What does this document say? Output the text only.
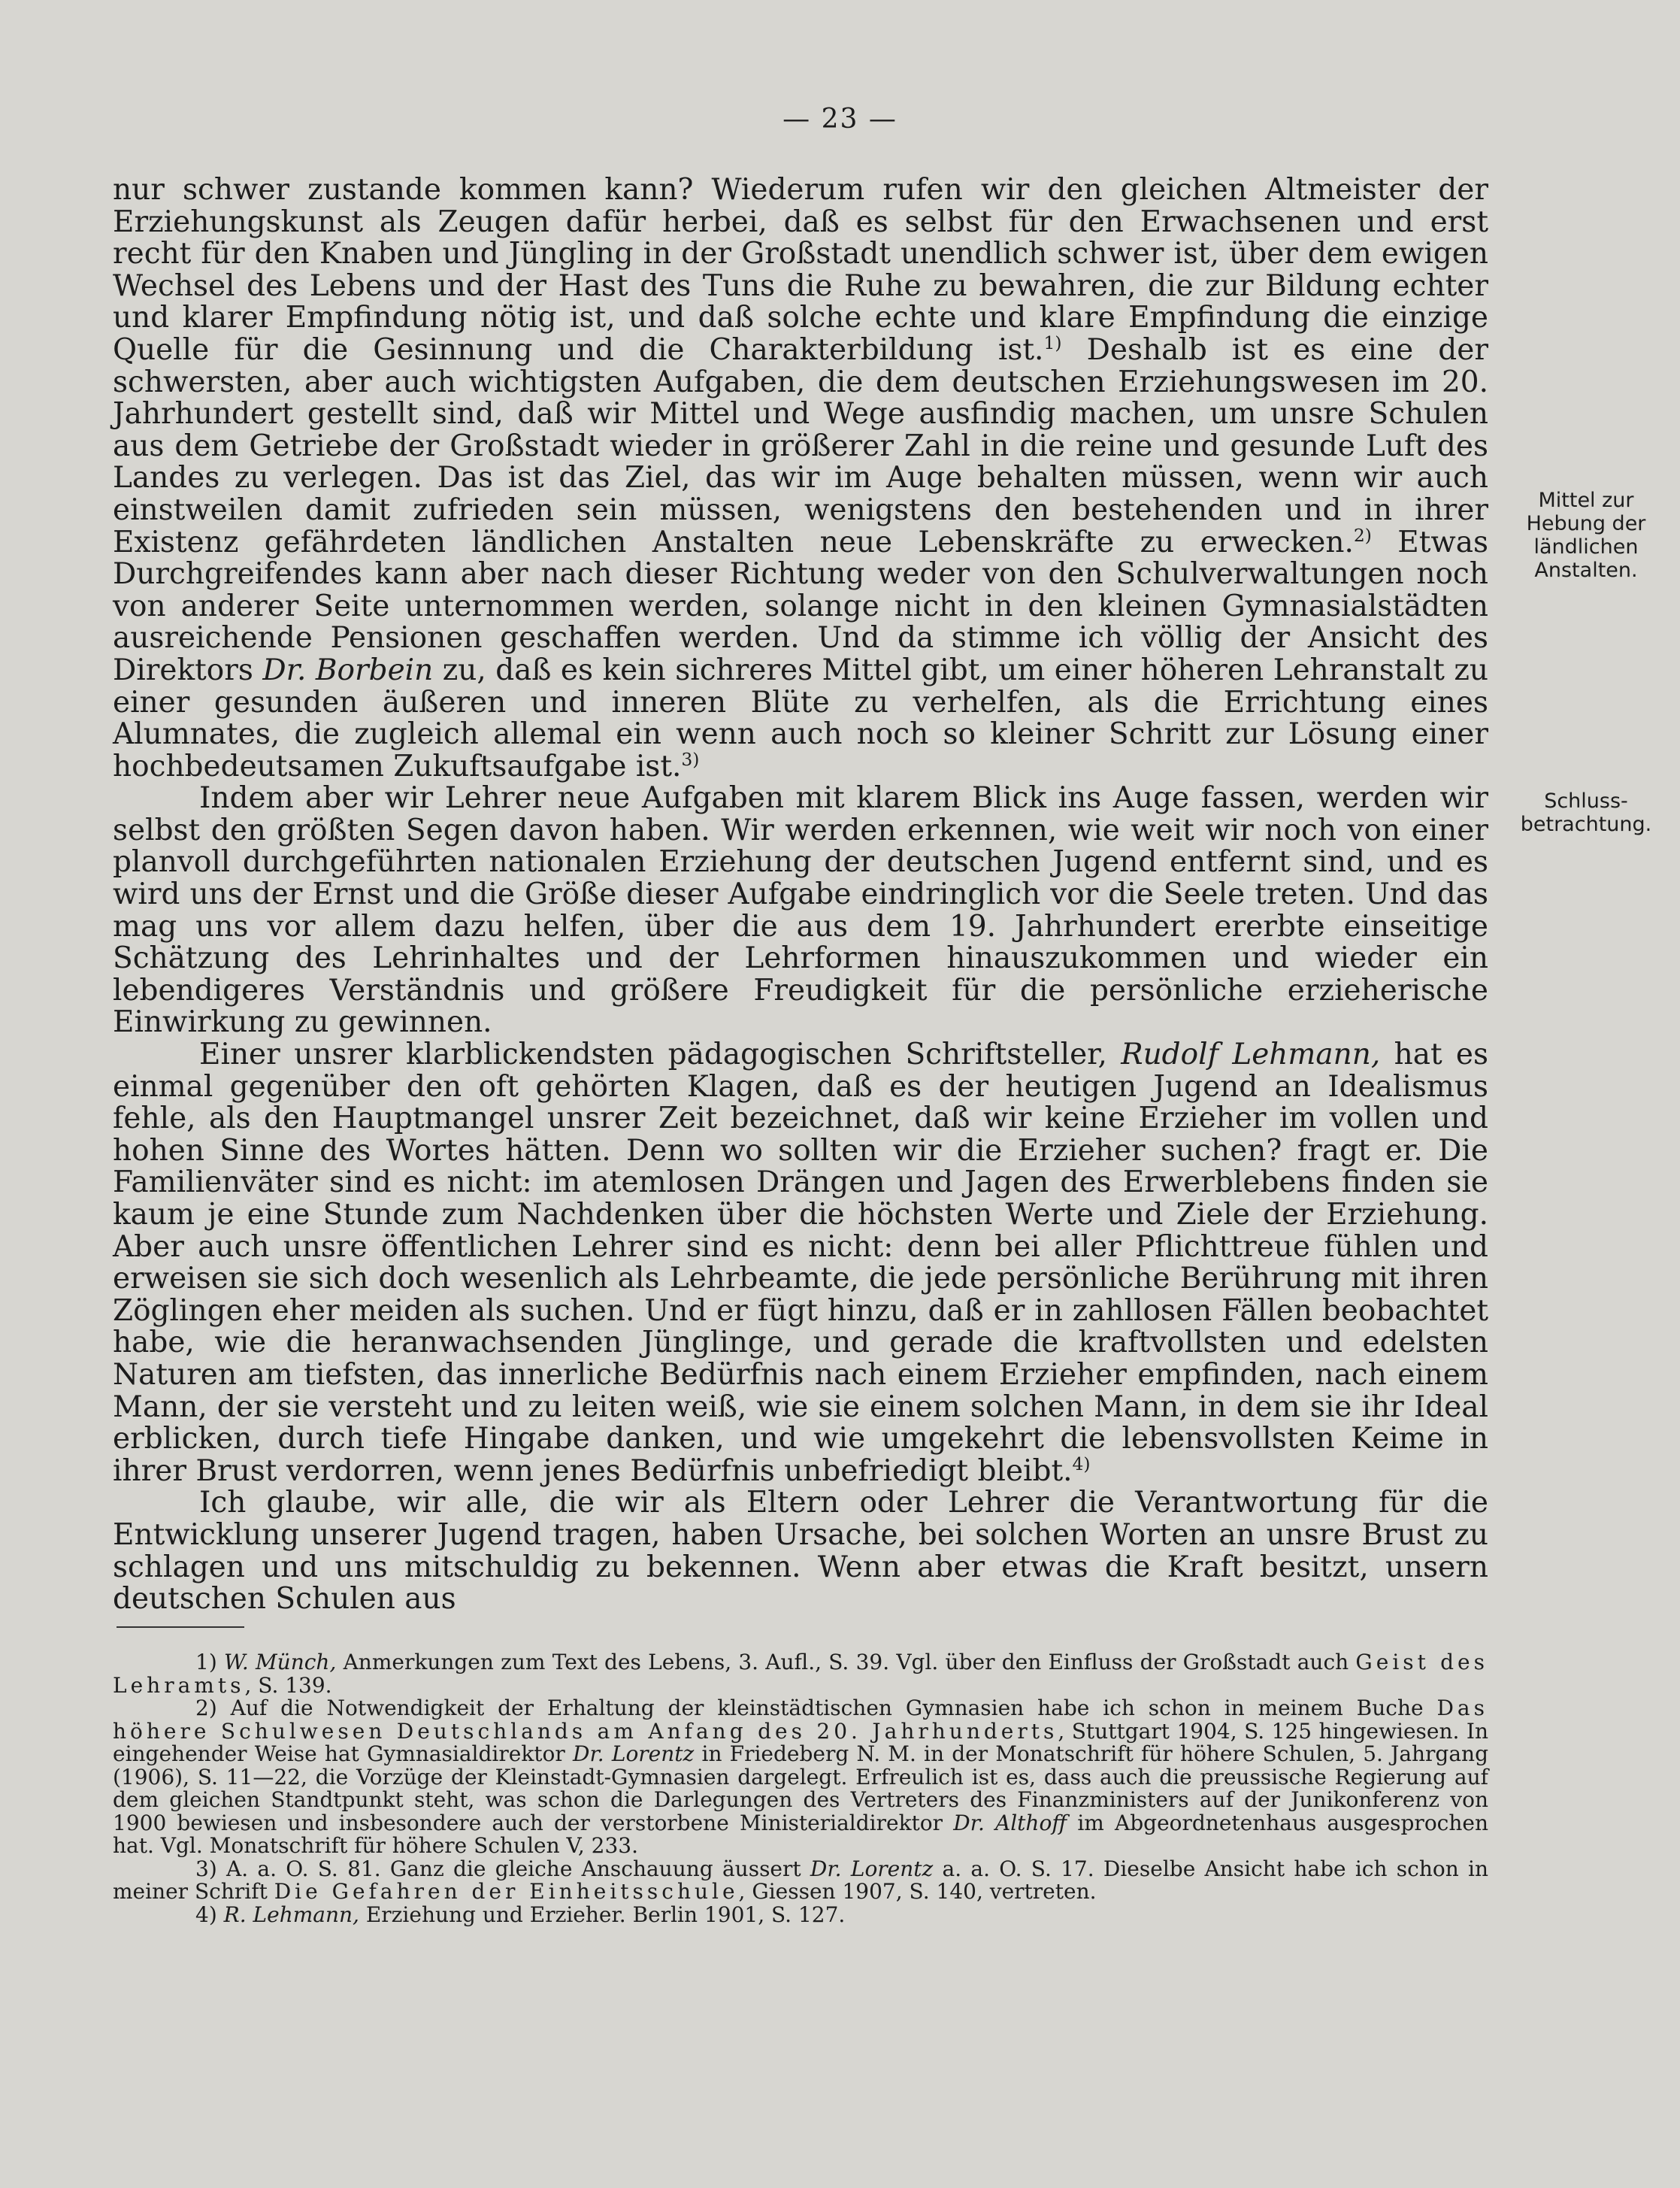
— 23 —

nur schwer zustande kommen kann? Wiederum rufen wir den gleichen Altmeister der Erziehungskunst als Zeugen dafür herbei, daß es selbst für den Erwachsenen und erst recht für den Knaben und Jüngling in der Großstadt unendlich schwer ist, über dem ewigen Wechsel des Lebens und der Hast des Tuns die Ruhe zu bewahren, die zur Bildung echter und klarer Empfindung nötig ist, und daß solche echte und klare Empfindung die einzige Quelle für die Gesinnung und die Charakterbildung ist.$^{1)}$ Deshalb ist es eine der schwersten, aber auch wichtigsten Aufgaben, die dem deutschen Erziehungswesen im 20. Jahrhundert gestellt sind, daß wir Mittel und Wege ausfindig machen, um unsre Schulen aus dem Getriebe der Großstadt wieder in größerer Zahl in die reine und gesunde Luft des Landes zu verlegen. Das ist das Ziel, das wir im Auge behalten müssen, wenn wir auch einstweilen damit zufrieden sein müssen, wenigstens den bestehenden und in ihrer Existenz gefährdeten ländlichen Anstalten neue Lebenskräfte zu erwecken.$^{2)}$ Etwas Durchgreifendes kann aber nach dieser Richtung weder von den Schulverwaltungen noch von anderer Seite unternommen werden, solange nicht in den kleinen Gymnasialstädten ausreichende Pensionen geschaffen werden. Und da stimme ich völlig der Ansicht des Direktors Dr. Borbein zu, daß es kein sichreres Mittel gibt, um einer höheren Lehranstalt zu einer gesunden äußeren und inneren Blüte zu verhelfen, als die Errichtung eines Alumnates, die zugleich allemal ein wenn auch noch so kleiner Schritt zur Lösung einer hochbedeutsamen Zukuftsaufgabe ist.$^{3)}$

Indem aber wir Lehrer neue Aufgaben mit klarem Blick ins Auge fassen, werden wir selbst den größten Segen davon haben. Wir werden erkennen, wie weit wir noch von einer planvoll durchgeführten nationalen Erziehung der deutschen Jugend entfernt sind, und es wird uns der Ernst und die Größe dieser Aufgabe eindringlich vor die Seele treten. Und das mag uns vor allem dazu helfen, über die aus dem 19. Jahrhundert ererbte einseitige Schätzung des Lehrinhaltes und der Lehrformen hinauszukommen und wieder ein lebendigeres Verständnis und größere Freudigkeit für die persönliche erzieherische Einwirkung zu gewinnen.

Einer unsrer klarblickendsten pädagogischen Schriftsteller, Rudolf Lehmann, hat es einmal gegenüber den oft gehörten Klagen, daß es der heutigen Jugend an Idealismus fehle, als den Hauptmangel unsrer Zeit bezeichnet, daß wir keine Erzieher im vollen und hohen Sinne des Wortes hätten. Denn wo sollten wir die Erzieher suchen? fragt er. Die Familienväter sind es nicht: im atemlosen Drängen und Jagen des Erwerblebens finden sie kaum je eine Stunde zum Nachdenken über die höchsten Werte und Ziele der Erziehung. Aber auch unsre öffentlichen Lehrer sind es nicht: denn bei aller Pflichttreue fühlen und erweisen sie sich doch wesenlich als Lehrbeamte, die jede persönliche Berührung mit ihren Zöglingen eher meiden als suchen. Und er fügt hinzu, daß er in zahllosen Fällen beobachtet habe, wie die heranwachsenden Jünglinge, und gerade die kraftvollsten und edelsten Naturen am tiefsten, das innerliche Bedürfnis nach einem Erzieher empfinden, nach einem Mann, der sie versteht und zu leiten weiß, wie sie einem solchen Mann, in dem sie ihr Ideal erblicken, durch tiefe Hingabe danken, und wie umgekehrt die lebensvollsten Keime in ihrer Brust verdorren, wenn jenes Bedürfnis unbefriedigt bleibt.$^{4)}$

Ich glaube, wir alle, die wir als Eltern oder Lehrer die Verantwortung für die Entwicklung unserer Jugend tragen, haben Ursache, bei solchen Worten an unsre Brust zu schlagen und uns mitschuldig zu bekennen. Wenn aber etwas die Kraft besitzt, unsern deutschen Schulen aus

Mittel zur Hebung der ländlichen Anstalten.
Schluss-betrachtung.

1) W. Münch, Anmerkungen zum Text des Lebens, 3. Aufl., S. 39. Vgl. über den Einfluss der Großstadt auch Geist des Lehramts, S. 139.

2) Auf die Notwendigkeit der Erhaltung der kleinstädtischen Gymnasien habe ich schon in meinem Buche Das höhere Schulwesen Deutschlands am Anfang des 20. Jahrhunderts, Stuttgart 1904, S. 125 hingewiesen. In eingehender Weise hat Gymnasialdirektor Dr. Lorentz in Friedeberg N. M. in der Monatschrift für höhere Schulen, 5. Jahrgang (1906), S. 11—22, die Vorzüge der Kleinstadt-Gymnasien dargelegt. Erfreulich ist es, dass auch die preussische Regierung auf dem gleichen Standtpunkt steht, was schon die Darlegungen des Vertreters des Finanzministers auf der Junikonferenz von 1900 bewiesen und insbesondere auch der verstorbene Ministerialdirektor Dr. Althoff im Abgeordnetenhaus ausgesprochen hat. Vgl. Monatschrift für höhere Schulen V, 233.

3) A. a. O. S. 81. Ganz die gleiche Anschauung äussert Dr. Lorentz a. a. O. S. 17. Dieselbe Ansicht habe ich schon in meiner Schrift Die Gefahren der Einheitsschule, Giessen 1907, S. 140, vertreten.

4) R. Lehmann, Erziehung und Erzieher. Berlin 1901, S. 127.
